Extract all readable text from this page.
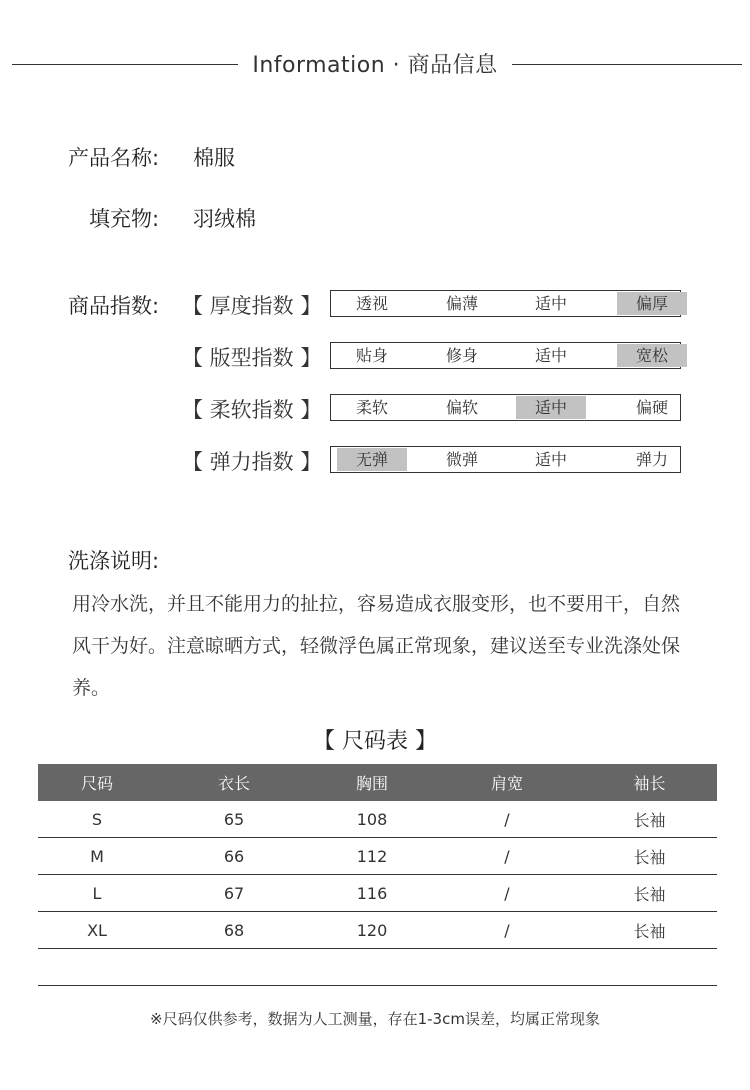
Information · 商品信息
产品名称: 棉服
填充物: 羽绒棉
商品指数: 【 厚度指数 】	透视	偏薄	适中	偏厚
【 版型指数 】	贴身	修身	适中	宽松
【 柔软指数 】	柔软	偏软	适中	偏硬
【 弹力指数 】	无弹	微弹	适中	弹力
洗涤说明:
用冷水洗，并且不能用力的扯拉，容易造成衣服变形，也不要用干，自然风干为好。注意晾晒方式，轻微浮色属正常现象，建议送至专业洗涤处保养。
【 尺码表 】
尺码	衣长	胸围	肩宽	袖长
S	65	108	/	长袖
M	66	112	/	长袖
L	67	116	/	长袖
XL	68	120	/	长袖
※尺码仅供参考，数据为人工测量，存在1-3cm误差，均属正常现象
